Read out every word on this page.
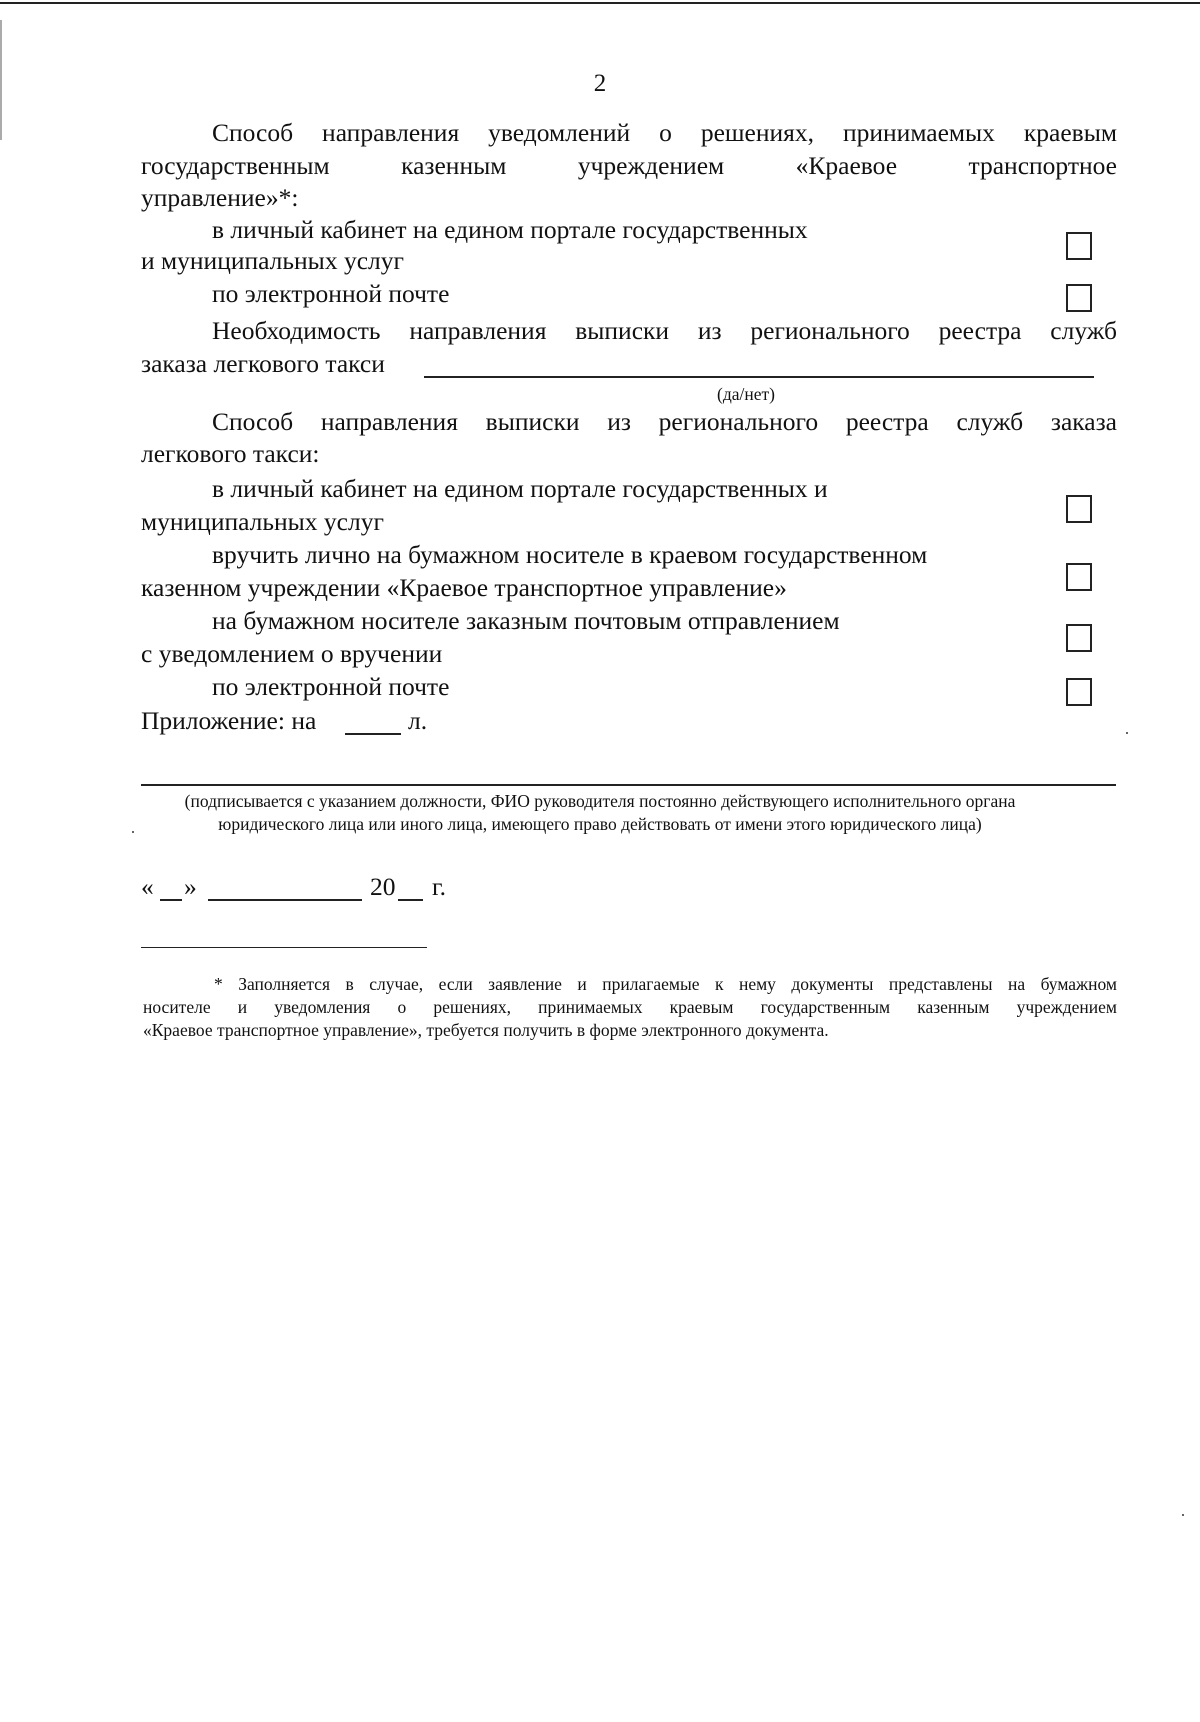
2
Способ направления уведомлений о решениях, принимаемых краевым
государственным казенным учреждением «Краевое транспортное
управление»*:
в личный кабинет на едином портале государственных
и муниципальных услуг
по электронной почте
Необходимость направления выписки из регионального реестра служб
заказа легкового такси
(да/нет)
Способ направления выписки из регионального реестра служб заказа
легкового такси:
в личный кабинет на едином портале государственных и
муниципальных услуг
вручить лично на бумажном носителе в краевом государственном
казенном учреждении «Краевое транспортное управление»
на бумажном носителе заказным почтовым отправлением
с уведомлением о вручении
по электронной почте
Приложение: на	л.
(подписывается с указанием должности, ФИО руководителя постоянно действующего исполнительного органа
юридического лица или иного лица, имеющего право действовать от имени этого юридического лица)
« »	20 г.
* Заполняется в случае, если заявление и прилагаемые к нему документы представлены на бумажном
носителе и уведомления о решениях, принимаемых краевым государственным казенным учреждением
«Краевое транспортное управление», требуется получить в форме электронного документа.
